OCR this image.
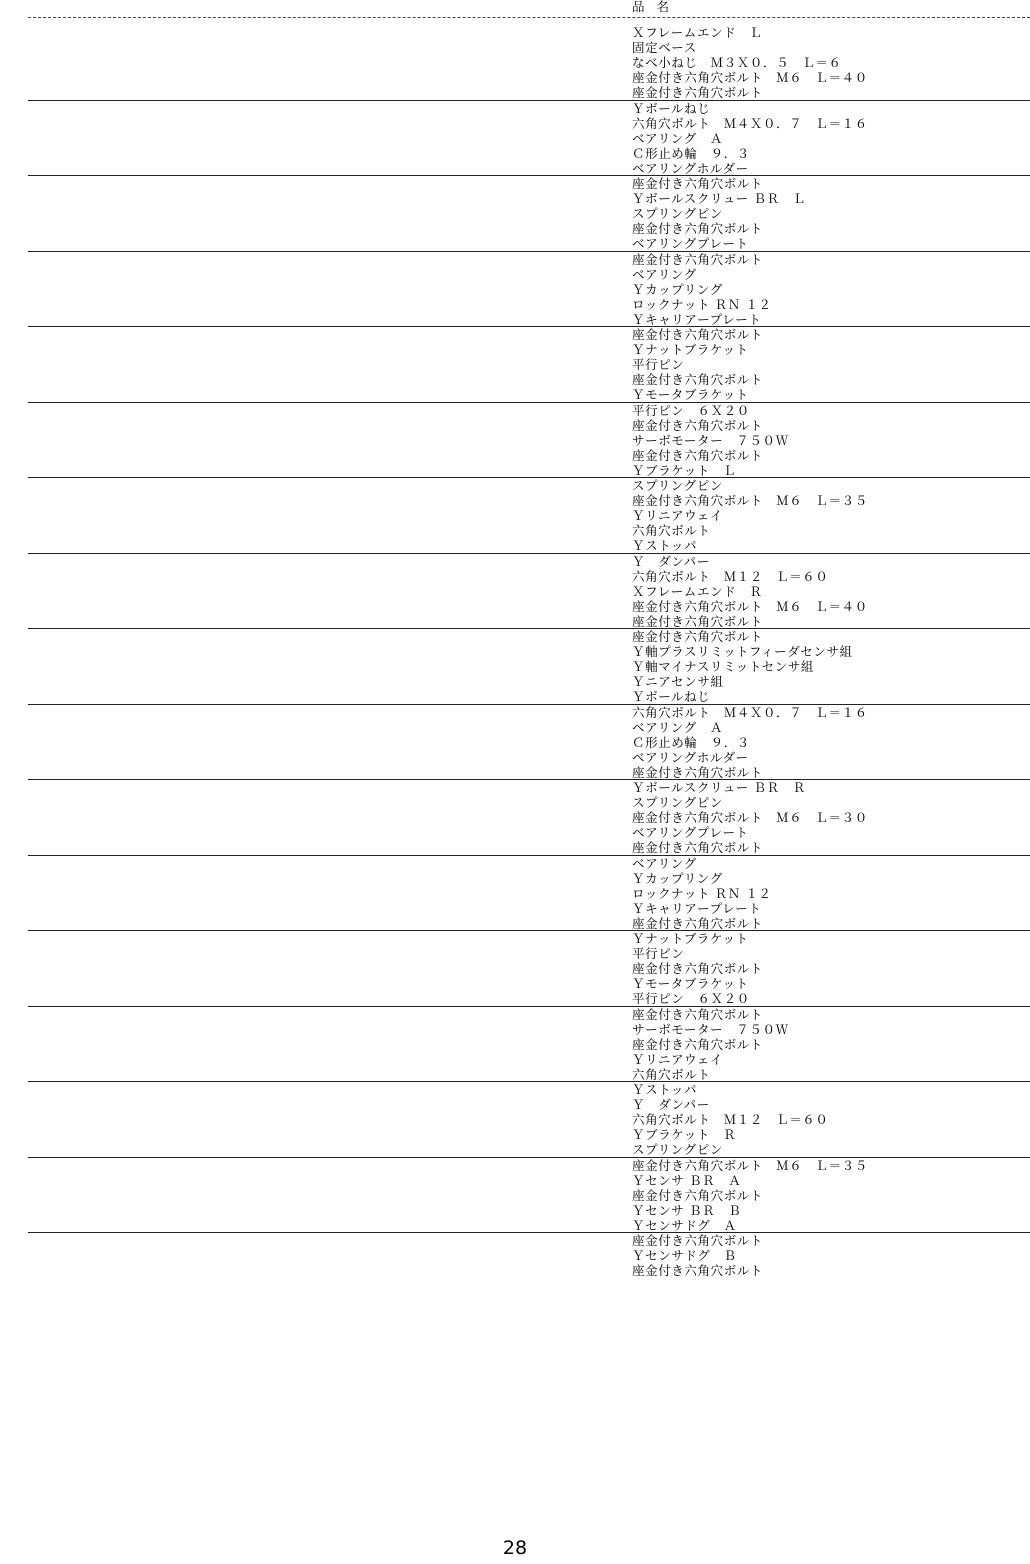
品名
Ｘフレームエンド　Ｌ
固定ベース
なべ小ねじ　Ｍ３Ｘ０．５　Ｌ＝６
座金付き六角穴ボルト　Ｍ６　Ｌ＝４０
座金付き六角穴ボルト
Ｙボールねじ
六角穴ボルト　Ｍ４Ｘ０．７　Ｌ＝１６
ベアリング　Ａ
Ｃ形止め輪　９．３
ベアリングホルダー
座金付き六角穴ボルト
Ｙボールスクリュー ＢＲ　Ｌ
スプリングピン
座金付き六角穴ボルト
ベアリングプレート
座金付き六角穴ボルト
ベアリング
Ｙカップリング
ロックナット ＲＮ １２
Ｙキャリアープレート
座金付き六角穴ボルト
Ｙナットブラケット
平行ピン
座金付き六角穴ボルト
Ｙモータブラケット
平行ピン　６Ｘ２０
座金付き六角穴ボルト
サーボモーター　７５０Ｗ
座金付き六角穴ボルト
Ｙブラケット　Ｌ
スプリングピン
座金付き六角穴ボルト　Ｍ６　Ｌ＝３５
Ｙリニアウェイ
六角穴ボルト
Ｙストッパ
Ｙ　ダンパー
六角穴ボルト　Ｍ１２　Ｌ＝６０
Ｘフレームエンド　Ｒ
座金付き六角穴ボルト　Ｍ６　Ｌ＝４０
座金付き六角穴ボルト
座金付き六角穴ボルト
Ｙ軸プラスリミットフィーダセンサ組
Ｙ軸マイナスリミットセンサ組
Ｙニアセンサ組
Ｙボールねじ
六角穴ボルト　Ｍ４Ｘ０．７　Ｌ＝１６
ベアリング　Ａ
Ｃ形止め輪　９．３
ベアリングホルダー
座金付き六角穴ボルト
Ｙボールスクリュー ＢＲ　Ｒ
スプリングピン
座金付き六角穴ボルト　Ｍ６　Ｌ＝３０
ベアリングプレート
座金付き六角穴ボルト
ベアリング
Ｙカップリング
ロックナット ＲＮ １２
Ｙキャリアープレート
座金付き六角穴ボルト
Ｙナットブラケット
平行ピン
座金付き六角穴ボルト
Ｙモータブラケット
平行ピン　６Ｘ２０
座金付き六角穴ボルト
サーボモーター　７５０Ｗ
座金付き六角穴ボルト
Ｙリニアウェイ
六角穴ボルト
Ｙストッパ
Ｙ　ダンパー
六角穴ボルト　Ｍ１２　Ｌ＝６０
Ｙブラケット　Ｒ
スプリングピン
座金付き六角穴ボルト　Ｍ６　Ｌ＝３５
Ｙセンサ ＢＲ　Ａ
座金付き六角穴ボルト
Ｙセンサ ＢＲ　Ｂ
Ｙセンサドグ　Ａ
座金付き六角穴ボルト
Ｙセンサドグ　Ｂ
座金付き六角穴ボルト
28
